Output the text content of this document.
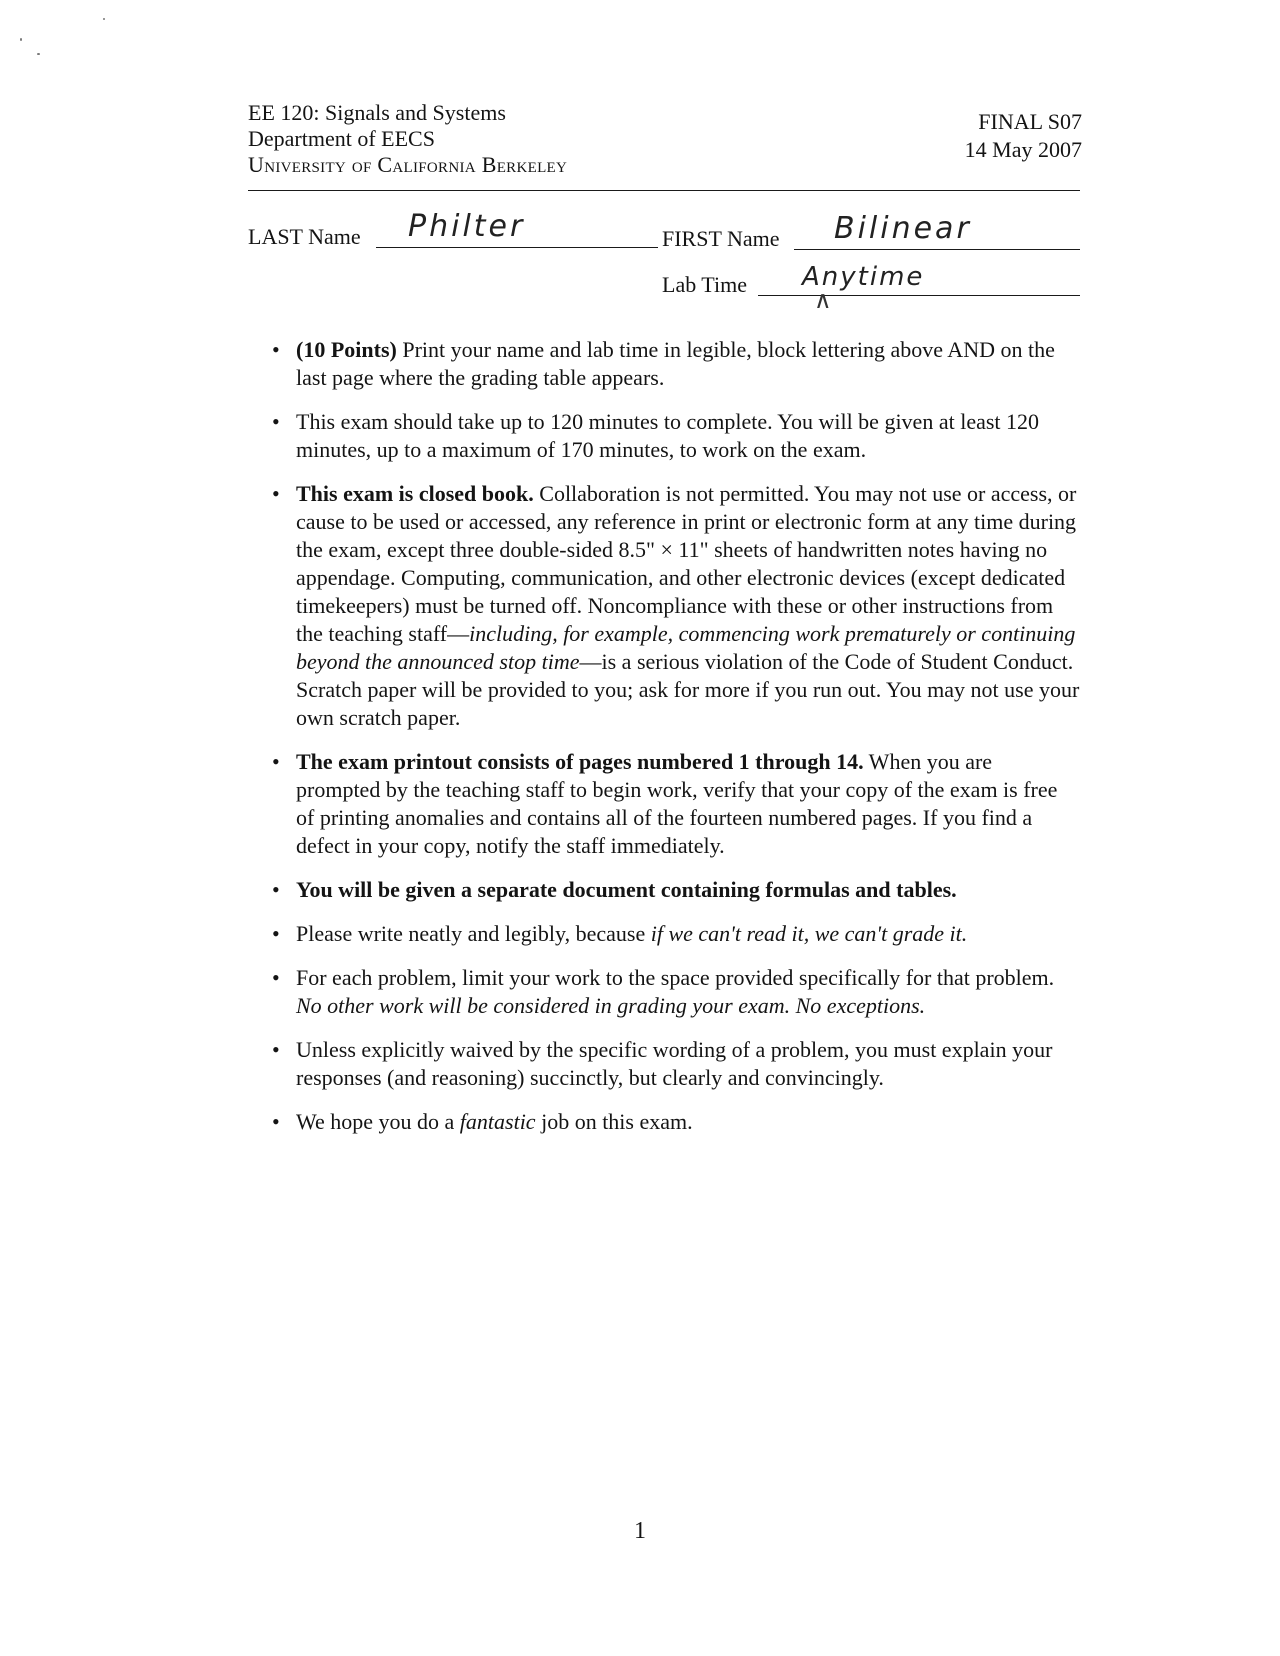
EE 120: Signals and Systems
Department of EECS
University of California Berkeley
FINAL S07
14 May 2007
LAST Name Philter	FIRST Name Bilinear
Lab Time Anytime
∧
• (10 Points) Print your name and lab time in legible, block lettering above AND on the last page where the grading table appears.
• This exam should take up to 120 minutes to complete. You will be given at least 120 minutes, up to a maximum of 170 minutes, to work on the exam.
• This exam is closed book. Collaboration is not permitted. You may not use or access, or cause to be used or accessed, any reference in print or electronic form at any time during the exam, except three double-sided 8.5" × 11" sheets of handwritten notes having no appendage. Computing, communication, and other electronic devices (except dedicated timekeepers) must be turned off. Noncompliance with these or other instructions from the teaching staff—including, for example, commencing work prematurely or continuing beyond the announced stop time—is a serious violation of the Code of Student Conduct. Scratch paper will be provided to you; ask for more if you run out. You may not use your own scratch paper.
• The exam printout consists of pages numbered 1 through 14. When you are prompted by the teaching staff to begin work, verify that your copy of the exam is free of printing anomalies and contains all of the fourteen numbered pages. If you find a defect in your copy, notify the staff immediately.
• You will be given a separate document containing formulas and tables.
• Please write neatly and legibly, because if we can't read it, we can't grade it.
• For each problem, limit your work to the space provided specifically for that problem. No other work will be considered in grading your exam. No exceptions.
• Unless explicitly waived by the specific wording of a problem, you must explain your responses (and reasoning) succinctly, but clearly and convincingly.
• We hope you do a fantastic job on this exam.
1
